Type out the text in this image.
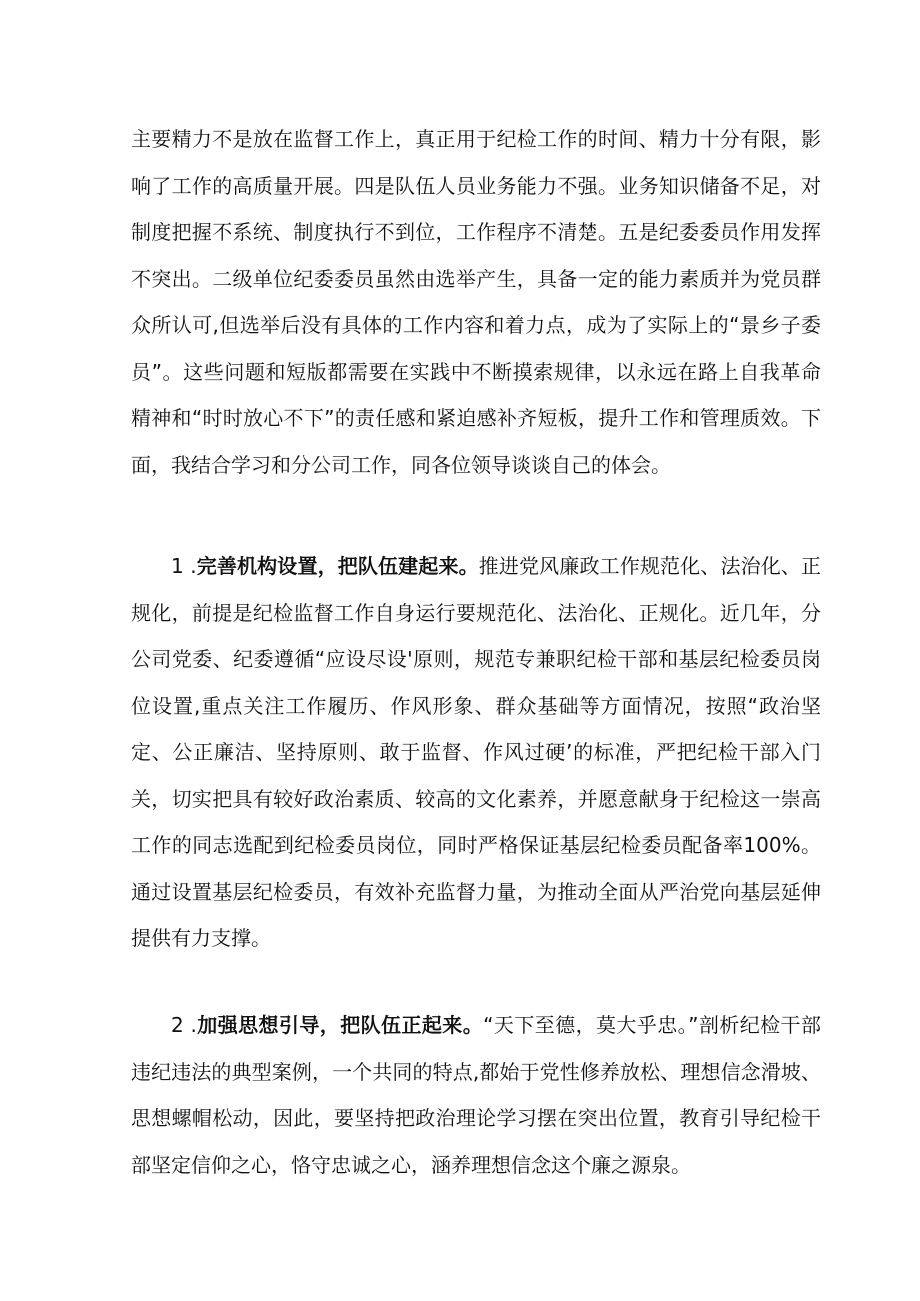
主要精力不是放在监督工作上，真正用于纪检工作的时间、精力十分有限，影响了工作的高质量开展。四是队伍人员业务能力不强。业务知识储备不足，对制度把握不系统、制度执行不到位，工作程序不清楚。五是纪委委员作用发挥不突出。二级单位纪委委员虽然由选举产生，具备一定的能力素质并为党员群众所认可,但选举后没有具体的工作内容和着力点，成为了实际上的“景乡子委员”。这些问题和短版都需要在实践中不断摸索规律，以永远在路上自我革命精神和“时时放心不下”的责任感和紧迫感补齐短板，提升工作和管理质效。下面，我结合学习和分公司工作，同各位领导谈谈自己的体会。

1 .完善机构设置，把队伍建起来。推进党风廉政工作规范化、法治化、正规化，前提是纪检监督工作自身运行要规范化、法治化、正规化。近几年，分公司党委、纪委遵循“应设尽设'原则，规范专兼职纪检干部和基层纪检委员岗位设置,重点关注工作履历、作风形象、群众基础等方面情况，按照“政治坚定、公正廉洁、坚持原则、敢于监督、作风过硬’的标准，严把纪检干部入门关，切实把具有较好政治素质、较高的文化素养，并愿意献身于纪检这一崇高工作的同志选配到纪检委员岗位，同时严格保证基层纪检委员配备率100%。通过设置基层纪检委员，有效补充监督力量，为推动全面从严治党向基层延伸提供有力支撑。

2 .加强思想引导，把队伍正起来。“天下至德，莫大乎忠。”剖析纪检干部违纪违法的典型案例，一个共同的特点,都始于党性修养放松、理想信念滑坡、思想螺帽松动，因此，要坚持把政治理论学习摆在突出位置，教育引导纪检干部坚定信仰之心，恪守忠诚之心，涵养理想信念这个廉之源泉。
